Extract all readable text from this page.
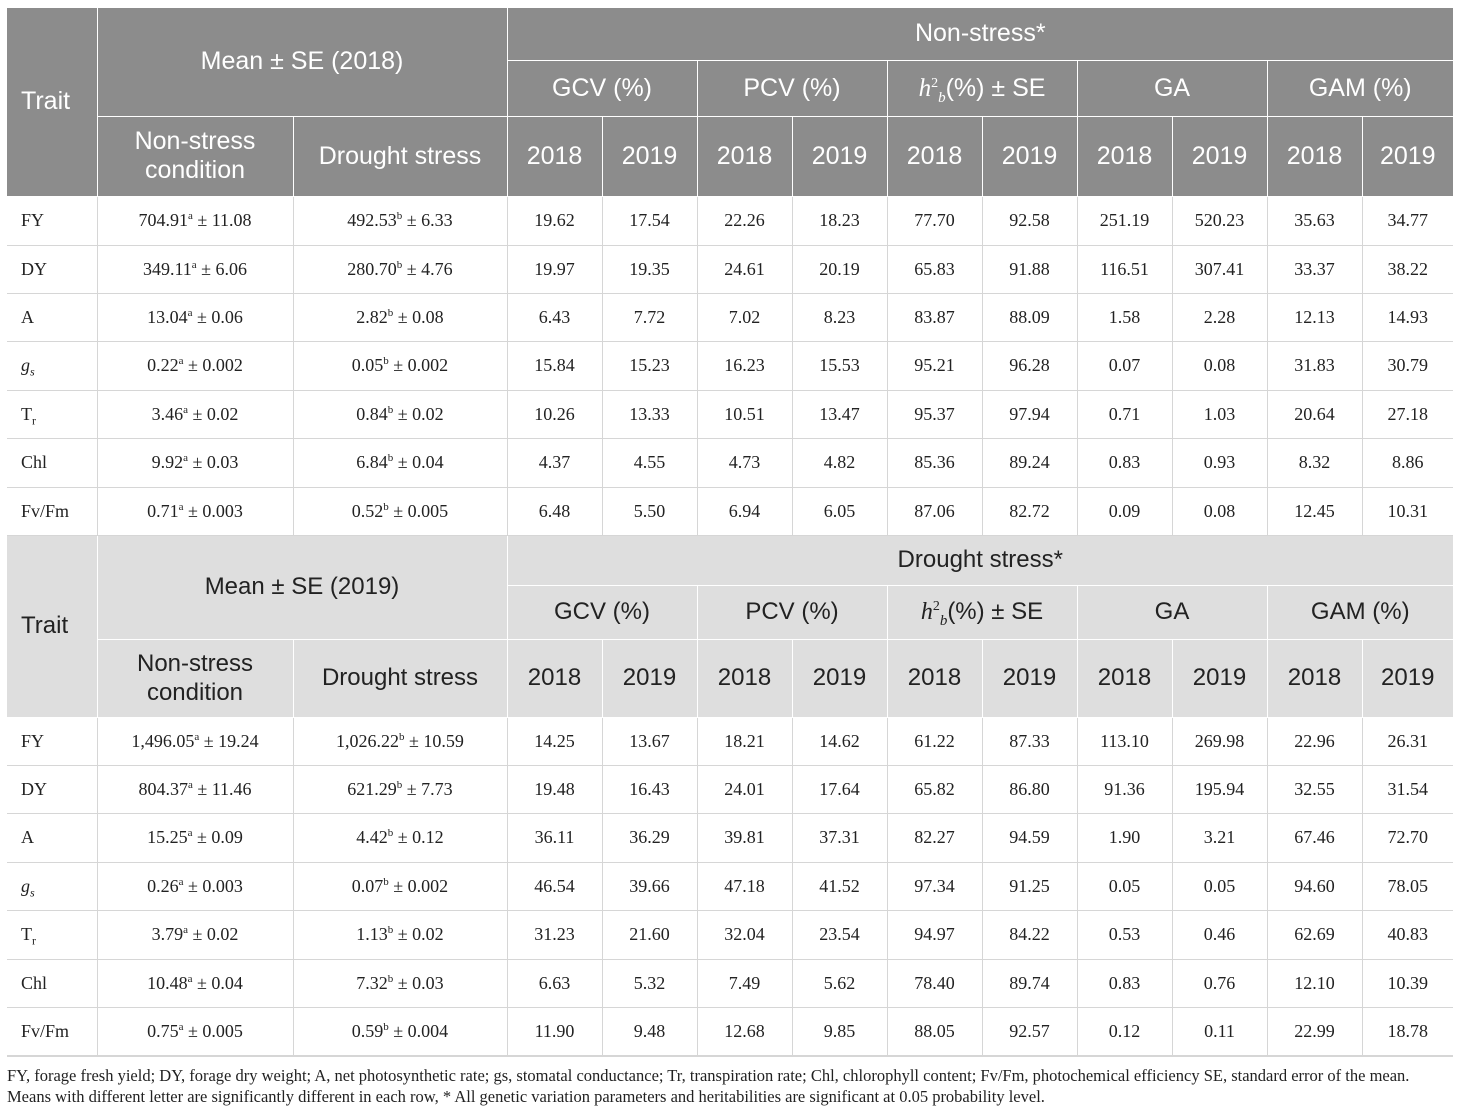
Trait	Mean ± SE (2018)		Non-stress*									
			GCV (%)		PCV (%)		$h^2_b(\%)$ ± SE		GA		GAM (%)	
	Non-stress condition	Drought stress	2018	2019	2018	2019	2018	2019	2018	2019	2018	2019
FY	704.91$^a$ ± 11.08	492.53$^b$ ± 6.33	19.62	17.54	22.26	18.23	77.70	92.58	251.19	520.23	35.63	34.77
DY	349.11$^a$ ± 6.06	280.70$^b$ ± 4.76	19.97	19.35	24.61	20.19	65.83	91.88	116.51	307.41	33.37	38.22
A	13.04$^a$ ± 0.06	2.82$^b$ ± 0.08	6.43	7.72	7.02	8.23	83.87	88.09	1.58	2.28	12.13	14.93
$g_s$	0.22$^a$ ± 0.002	0.05$^b$ ± 0.002	15.84	15.23	16.23	15.53	95.21	96.28	0.07	0.08	31.83	30.79
$T_r$	3.46$^a$ ± 0.02	0.84$^b$ ± 0.02	10.26	13.33	10.51	13.47	95.37	97.94	0.71	1.03	20.64	27.18
Chl	9.92$^a$ ± 0.03	6.84$^b$ ± 0.04	4.37	4.55	4.73	4.82	85.36	89.24	0.83	0.93	8.32	8.86
Fv/Fm	0.71$^a$ ± 0.003	0.52$^b$ ± 0.005	6.48	5.50	6.94	6.05	87.06	82.72	0.09	0.08	12.45	10.31
Trait	Mean ± SE (2019)		Drought stress*									
			GCV (%)		PCV (%)		$h^2_b(\%)$ ± SE		GA		GAM (%)	
	Non-stress condition	Drought stress	2018	2019	2018	2019	2018	2019	2018	2019	2018	2019
FY	1,496.05$^a$ ± 19.24	1,026.22$^b$ ± 10.59	14.25	13.67	18.21	14.62	61.22	87.33	113.10	269.98	22.96	26.31
DY	804.37$^a$ ± 11.46	621.29$^b$ ± 7.73	19.48	16.43	24.01	17.64	65.82	86.80	91.36	195.94	32.55	31.54
A	15.25$^a$ ± 0.09	4.42$^b$ ± 0.12	36.11	36.29	39.81	37.31	82.27	94.59	1.90	3.21	67.46	72.70
$g_s$	0.26$^a$ ± 0.003	0.07$^b$ ± 0.002	46.54	39.66	47.18	41.52	97.34	91.25	0.05	0.05	94.60	78.05
$T_r$	3.79$^a$ ± 0.02	1.13$^b$ ± 0.02	31.23	21.60	32.04	23.54	94.97	84.22	0.53	0.46	62.69	40.83
Chl	10.48$^a$ ± 0.04	7.32$^b$ ± 0.03	6.63	5.32	7.49	5.62	78.40	89.74	0.83	0.76	12.10	10.39
Fv/Fm	0.75$^a$ ± 0.005	0.59$^b$ ± 0.004	11.90	9.48	12.68	9.85	88.05	92.57	0.12	0.11	22.99	18.78
FY, forage fresh yield; DY, forage dry weight; A, net photosynthetic rate; gs, stomatal conductance; Tr, transpiration rate; Chl, chlorophyll content; Fv/Fm, photochemical efficiency SE, standard error of the mean. Means with different letter are significantly different in each row, * All genetic variation parameters and heritabilities are significant at 0.05 probability level.
